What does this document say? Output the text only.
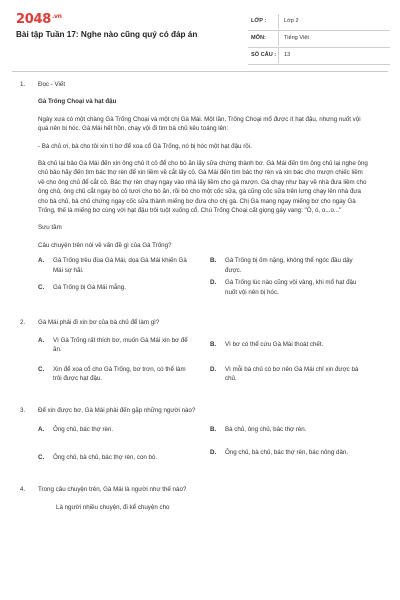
$2048^{.vn}$
Bài tập Tuần 17: Nghe nào cũng quý có đáp án
LỚP :	Lớp 2
MÔN:	Tiếng Việt
SỐ CÂU : 13
1. Đọc - Viết

Gà Trống Choại và hạt đậu

Ngày xưa có một chàng Gà Trống Choại và một chị Gà Mái. Một lần, Trống Choại mổ được ít hạt đậu, nhưng nuốt vội quá nên bị hóc. Gà Mái hết hồn, chạy vội đi tìm bà chủ kêu toáng lên:

- Bà chủ ơi, bà cho tôi xin tí bơ để xoa cổ Gà Trống, nó bị hóc một hạt đậu rồi.

Bà chủ lại bảo Gà Mái đến xin ông chủ ít cỏ để cho bò ăn lấy sữa chứng thành bơ. Gà Mái đến tìm ông chủ lại nghe ông chủ bảo hãy đến tìm bác thợ rèn để xin liềm về cắt lấy cỏ. Gà Mái đến tìm bác thợ rèn và xin bác cho mượn chiếc liềm về cho ông chủ để cắt cỏ. Bác thợ rèn chạy ngay vào nhà lấy liềm cho gà mượn. Gà chạy như bay về nhà đưa liềm cho ông chủ, ông chủ cắt ngay bó cỏ tươi cho bò ăn, rồi bò cho một cốc sữa, gà cũng cốc sữa trên lưng chạy lên nhà đưa cho bà chủ, bà chủ chứng ngay cốc sữa thành miếng bơ đưa cho chị gà. Chị Gà mang ngay miếng bơ cho ngay Gà Trống, thế là miếng bơ cùng với hạt đậu trôi tuột xuống cổ. Chú Trống Choại cất giọng gáy vang: "Ò, ó, o...o..."

Sưu tầm

Câu chuyện trên nói về vấn đề gì của Gà Trống?

A. Gà Trống trêu đùa Gà Mái, dọa Gà Mái khiến Gà Mái sợ hãi.
B. Gà Trống bị ốm nặng, không thể ngóc đầu dậy được.
C. Gà Trống bị Gà Mái mắng.
D. Gà Trống lúc nào cũng vội vàng, khi mổ hạt đậu nuốt vội nên bị hóc.
2. Gà Mái phải đi xin bơ của bà chủ để làm gì?
A. Vì Gà Trống rất thích bơ, muốn Gà Mái xin bơ để ăn.
B. Vì bơ có thể cứu Gà Mái thoát chết.
C. Xin để xoa cổ cho Gà Trống, bơ trơn, có thể làm trôi được hạt đậu.
D. Vì mỗi bà chủ có bơ nên Gà Mái chỉ xin được bà chủ.
3. Để xin được bơ, Gà Mái phải đến gặp những người nào?
A. Ông chủ, bác thợ rèn.	B. Bà chủ, ông chủ, bác thợ rèn.
C. Ông chủ, bà chủ, bác thợ rèn, con bò.
D. Ông chủ, bà chủ, bác thợ rèn, bác nông dân.
4. Trong câu chuyện trên, Gà Mái là người như thế nào?
Là người nhiều chuyện, đi kể chuyện cho
